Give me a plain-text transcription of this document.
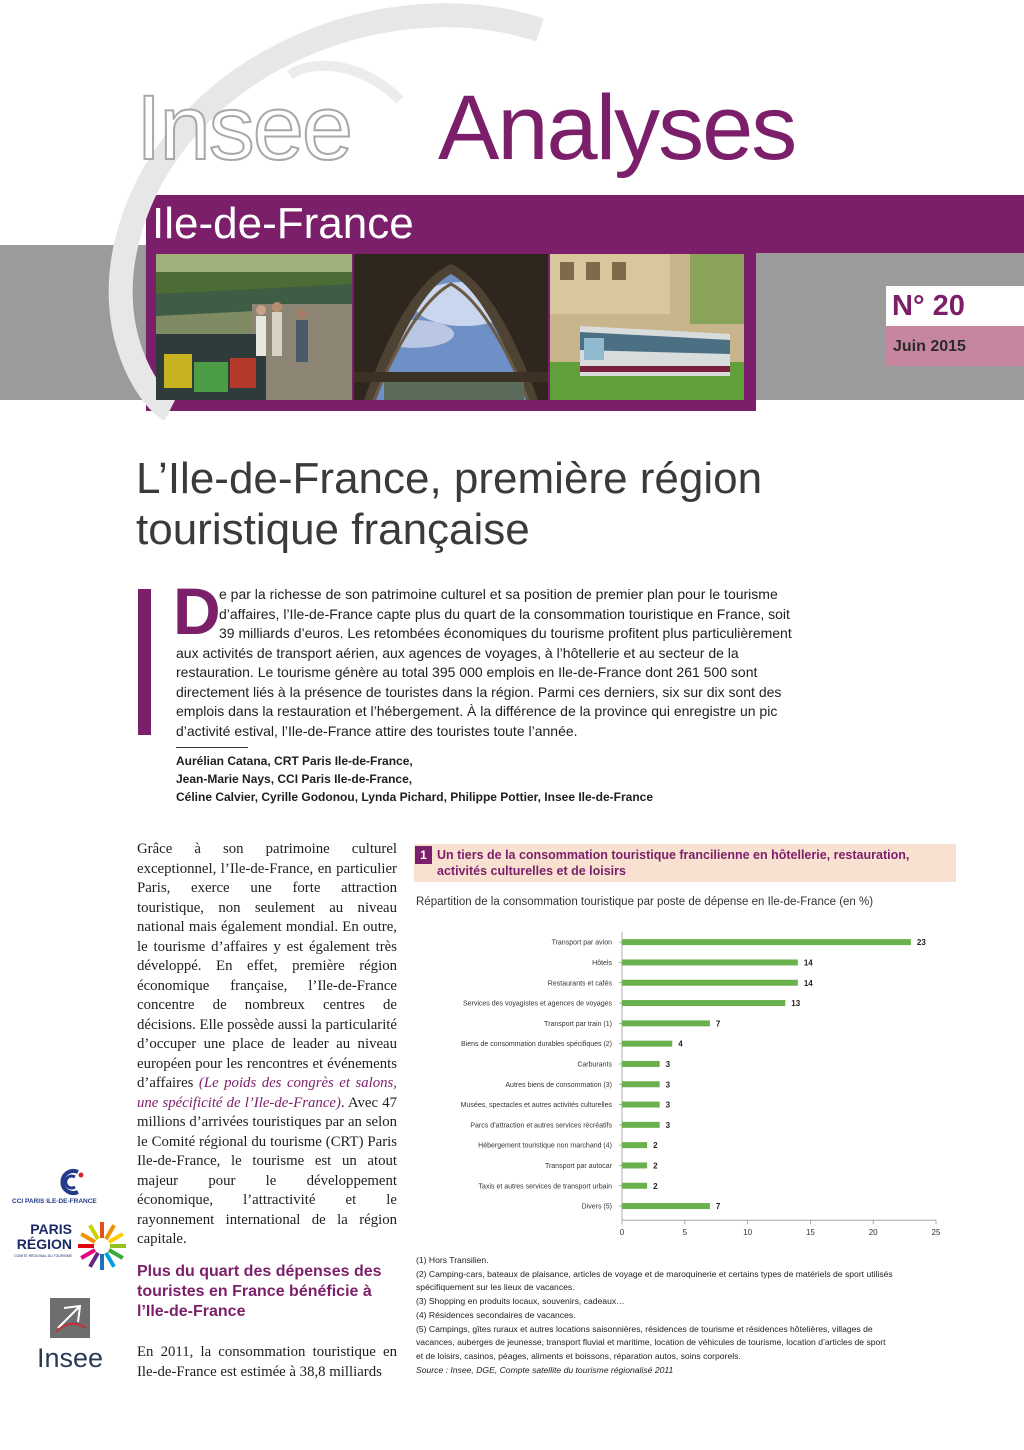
Insee Analyses
Ile-de-France
N° 20
Juin 2015
L’Ile-de-France, première région
touristique française
D
e par la richesse de son patrimoine culturel et sa position de premier plan pour le tourisme
d’affaires, l’Ile-de-France capte plus du quart de la consommation touristique en France, soit
39 milliards d’euros. Les retombées économiques du tourisme profitent plus particulièrement
aux activités de transport aérien, aux agences de voyages, à l’hôtellerie et au secteur de la
restauration. Le tourisme génère au total 395 000 emplois en Ile-de-France dont 261 500 sont
directement liés à la présence de touristes dans la région. Parmi ces derniers, six sur dix sont des
emplois dans la restauration et l’hébergement. À la différence de la province qui enregistre un pic
d’activité estival, l’Ile-de-France attire des touristes toute l’année.
Aurélian Catana, CRT Paris Ile-de-France,
Jean-Marie Nays, CCI Paris Ile-de-France,
Céline Calvier, Cyrille Godonou, Lynda Pichard, Philippe Pottier, Insee Ile-de-France
Grâce à son patrimoine culturel exceptionnel, l’Ile-de-France, en particulier Paris, exerce une forte attraction touristique, non seulement au niveau national mais également mondial. En outre, le tourisme d’affaires y est également très développé. En effet, première région économique française, l’Ile-de-France concentre de nombreux centres de décisions. Elle possède aussi la particularité d’occuper une place de leader au niveau européen pour les rencontres et événements d’affaires (Le poids des congrès et salons, une spécificité de l’Ile-de-France). Avec 47 millions d’arrivées touristiques par an selon le Comité régional du tourisme (CRT) Paris Ile-de-France, le tourisme est un atout majeur pour le développement économique, l’attractivité et le rayonnement international de la région capitale.
Plus du quart des dépenses des touristes en France bénéficie à l’Ile-de-France
En 2011, la consommation touristique en Ile-de-France est estimée à 38,8 milliards
CCI PARIS ILE-DE-FRANCE
PARIS
RÉGION
COMITÉ RÉGIONAL DU TOURISME
Insee
1 Un tiers de la consommation touristique francilienne en hôtellerie, restauration, activités culturelles et de loisirs
Répartition de la consommation touristique par poste de dépense en Ile-de-France (en %)
Transport par avion	23
Hôtels	14
Restaurants et cafés	14
Services des voyagistes et agences de voyages	13
Transport par train (1)	7
Biens de consommation durables spécifiques (2)	4
Carburants	3
Autres biens de consommation (3)	3
Musées, spectacles et autres activités culturelles	3
Parcs d’attraction et autres services récréatifs	3
Hébergement touristique non marchand (4)	2
Transport par autocar	2
Taxis et autres services de transport urbain	2
Divers (5)	7
0	5	10	15	20	25
(1) Hors Transilien.
(2) Camping-cars, bateaux de plaisance, articles de voyage et de maroquinerie et certains types de matériels de sport utilisés
spécifiquement sur les lieux de vacances.
(3) Shopping en produits locaux, souvenirs, cadeaux…
(4) Résidences secondaires de vacances.
(5) Campings, gîtes ruraux et autres locations saisonnières, résidences de tourisme et résidences hôtelières, villages de
vacances, auberges de jeunesse, transport fluvial et maritime, location de véhicules de tourisme, location d’articles de sport
et de loisirs, casinos, péages, aliments et boissons, réparation autos, soins corporels.
Source : Insee, DGE, Compte satellite du tourisme régionalisé 2011
